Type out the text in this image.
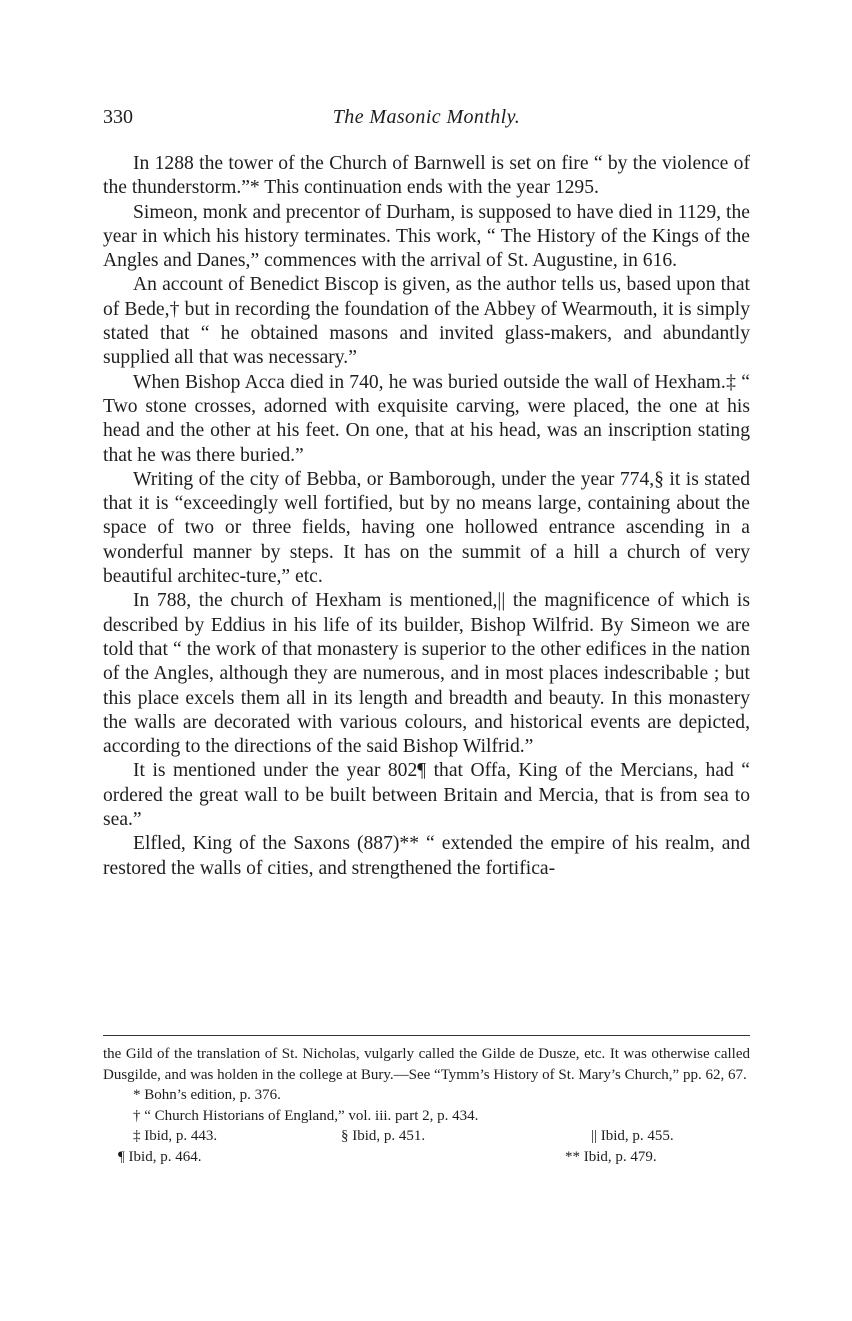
330	The Masonic Monthly.

In 1288 the tower of the Church of Barnwell is set on fire “ by the violence of the thunderstorm.”* This continuation ends with the year 1295.

Simeon, monk and precentor of Durham, is supposed to have died in 1129, the year in which his history terminates. This work, “ The History of the Kings of the Angles and Danes,” commences with the arrival of St. Augustine, in 616.

An account of Benedict Biscop is given, as the author tells us, based upon that of Bede,† but in recording the foundation of the Abbey of Wearmouth, it is simply stated that “ he obtained masons and invited glass-makers, and abundantly supplied all that was necessary.”

When Bishop Acca died in 740, he was buried outside the wall of Hexham.‡ “ Two stone crosses, adorned with exquisite carving, were placed, the one at his head and the other at his feet. On one, that at his head, was an inscription stating that he was there buried.”

Writing of the city of Bebba, or Bamborough, under the year 774,§ it is stated that it is “exceedingly well fortified, but by no means large, containing about the space of two or three fields, having one hollowed entrance ascending in a wonderful manner by steps. It has on the summit of a hill a church of very beautiful architec-ture,” etc.

In 788, the church of Hexham is mentioned,|| the magnificence of which is described by Eddius in his life of its builder, Bishop Wilfrid. By Simeon we are told that “ the work of that monastery is superior to the other edifices in the nation of the Angles, although they are numerous, and in most places indescribable ; but this place excels them all in its length and breadth and beauty. In this monastery the walls are decorated with various colours, and historical events are depicted, according to the directions of the said Bishop Wilfrid.”

It is mentioned under the year 802¶ that Offa, King of the Mercians, had “ ordered the great wall to be built between Britain and Mercia, that is from sea to sea.”

Elfled, King of the Saxons (887)** “ extended the empire of his realm, and restored the walls of cities, and strengthened the fortifica-

the Gild of the translation of St. Nicholas, vulgarly called the Gilde de Dusze, etc. It was otherwise called Dusgilde, and was holden in the college at Bury.—See “Tymm’s History of St. Mary’s Church,” pp. 62, 67.

* Bohn’s edition, p. 376.

† “ Church Historians of England,” vol. iii. part 2, p. 434.

‡ Ibid, p. 443.	§ Ibid, p. 451.	|| Ibid, p. 455.
¶ Ibid, p. 464.	** Ibid, p. 479.
